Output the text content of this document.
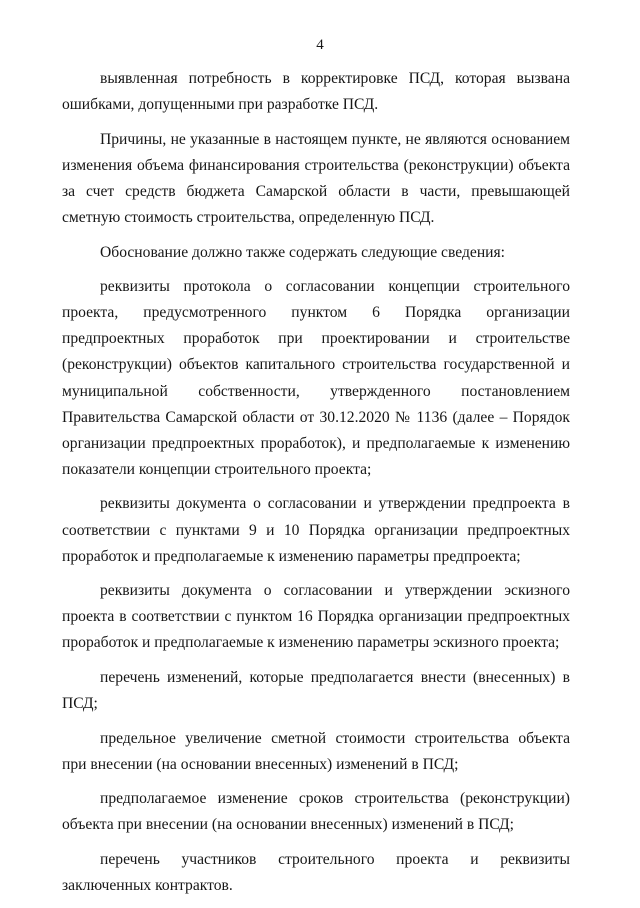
4

выявленная потребность в корректировке ПСД, которая вызвана ошибками, допущенными при разработке ПСД.

Причины, не указанные в настоящем пункте, не являются основанием изменения объема финансирования строительства (реконструкции) объекта за счет средств бюджета Самарской области в части, превышающей сметную стоимость строительства, определенную ПСД.

Обоснование должно также содержать следующие сведения:

реквизиты протокола о согласовании концепции строительного проекта, предусмотренного пунктом 6 Порядка организации предпроектных проработок при проектировании и строительстве (реконструкции) объектов капитального строительства государственной и муниципальной собственности, утвержденного постановлением Правительства Самарской области от 30.12.2020 № 1136 (далее – Порядок организации предпроектных проработок), и предполагаемые к изменению показатели концепции строительного проекта;

реквизиты документа о согласовании и утверждении предпроекта в соответствии с пунктами 9 и 10 Порядка организации предпроектных проработок и предполагаемые к изменению параметры предпроекта;

реквизиты документа о согласовании и утверждении эскизного проекта в соответствии с пунктом 16 Порядка организации предпроектных проработок и предполагаемые к изменению параметры эскизного проекта;

перечень изменений, которые предполагается внести (внесенных) в ПСД;

предельное увеличение сметной стоимости строительства объекта при внесении (на основании внесенных) изменений в ПСД;

предполагаемое изменение сроков строительства (реконструкции) объекта при внесении (на основании внесенных) изменений в ПСД;

перечень участников строительного проекта и реквизиты заключенных контрактов.
